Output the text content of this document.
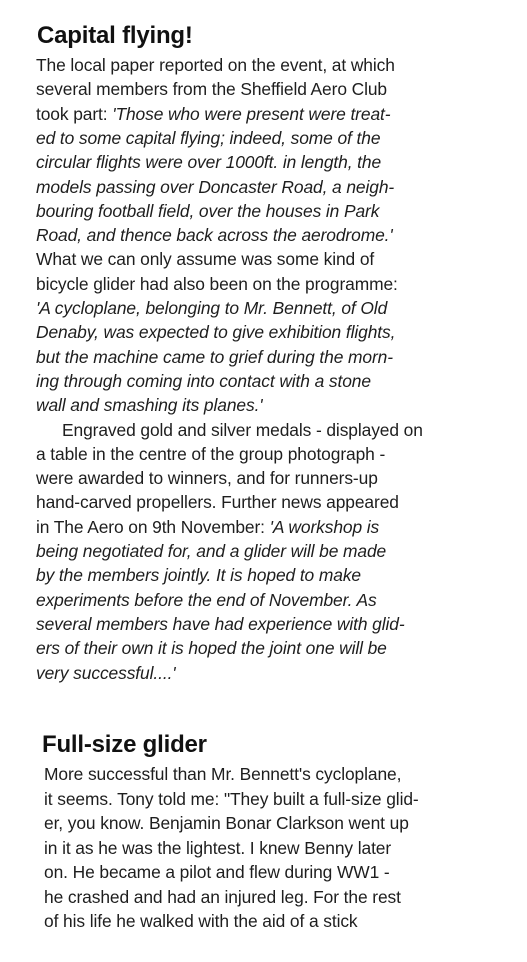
Capital flying!
The local paper reported on the event, at which
several members from the Sheffield Aero Club
took part: 'Those who were present were treat-
ed to some capital flying; indeed, some of the
circular flights were over 1000ft. in length, the
models passing over Doncaster Road, a neigh-
bouring football field, over the houses in Park
Road, and thence back across the aerodrome.'
What we can only assume was some kind of
bicycle glider had also been on the programme:
'A cycloplane, belonging to Mr. Bennett, of Old
Denaby, was expected to give exhibition flights,
but the machine came to grief during the morn-
ing through coming into contact with a stone
wall and smashing its planes.'
Engraved gold and silver medals - displayed on
a table in the centre of the group photograph -
were awarded to winners, and for runners-up
hand-carved propellers. Further news appeared
in The Aero on 9th November: 'A workshop is
being negotiated for, and a glider will be made
by the members jointly. It is hoped to make
experiments before the end of November. As
several members have had experience with glid-
ers of their own it is hoped the joint one will be
very successful....'
Full-size glider
More successful than Mr. Bennett's cycloplane,
it seems. Tony told me: "They built a full-size glid-
er, you know. Benjamin Bonar Clarkson went up
in it as he was the lightest. I knew Benny later
on. He became a pilot and flew during WW1 -
he crashed and had an injured leg. For the rest
of his life he walked with the aid of a stick
